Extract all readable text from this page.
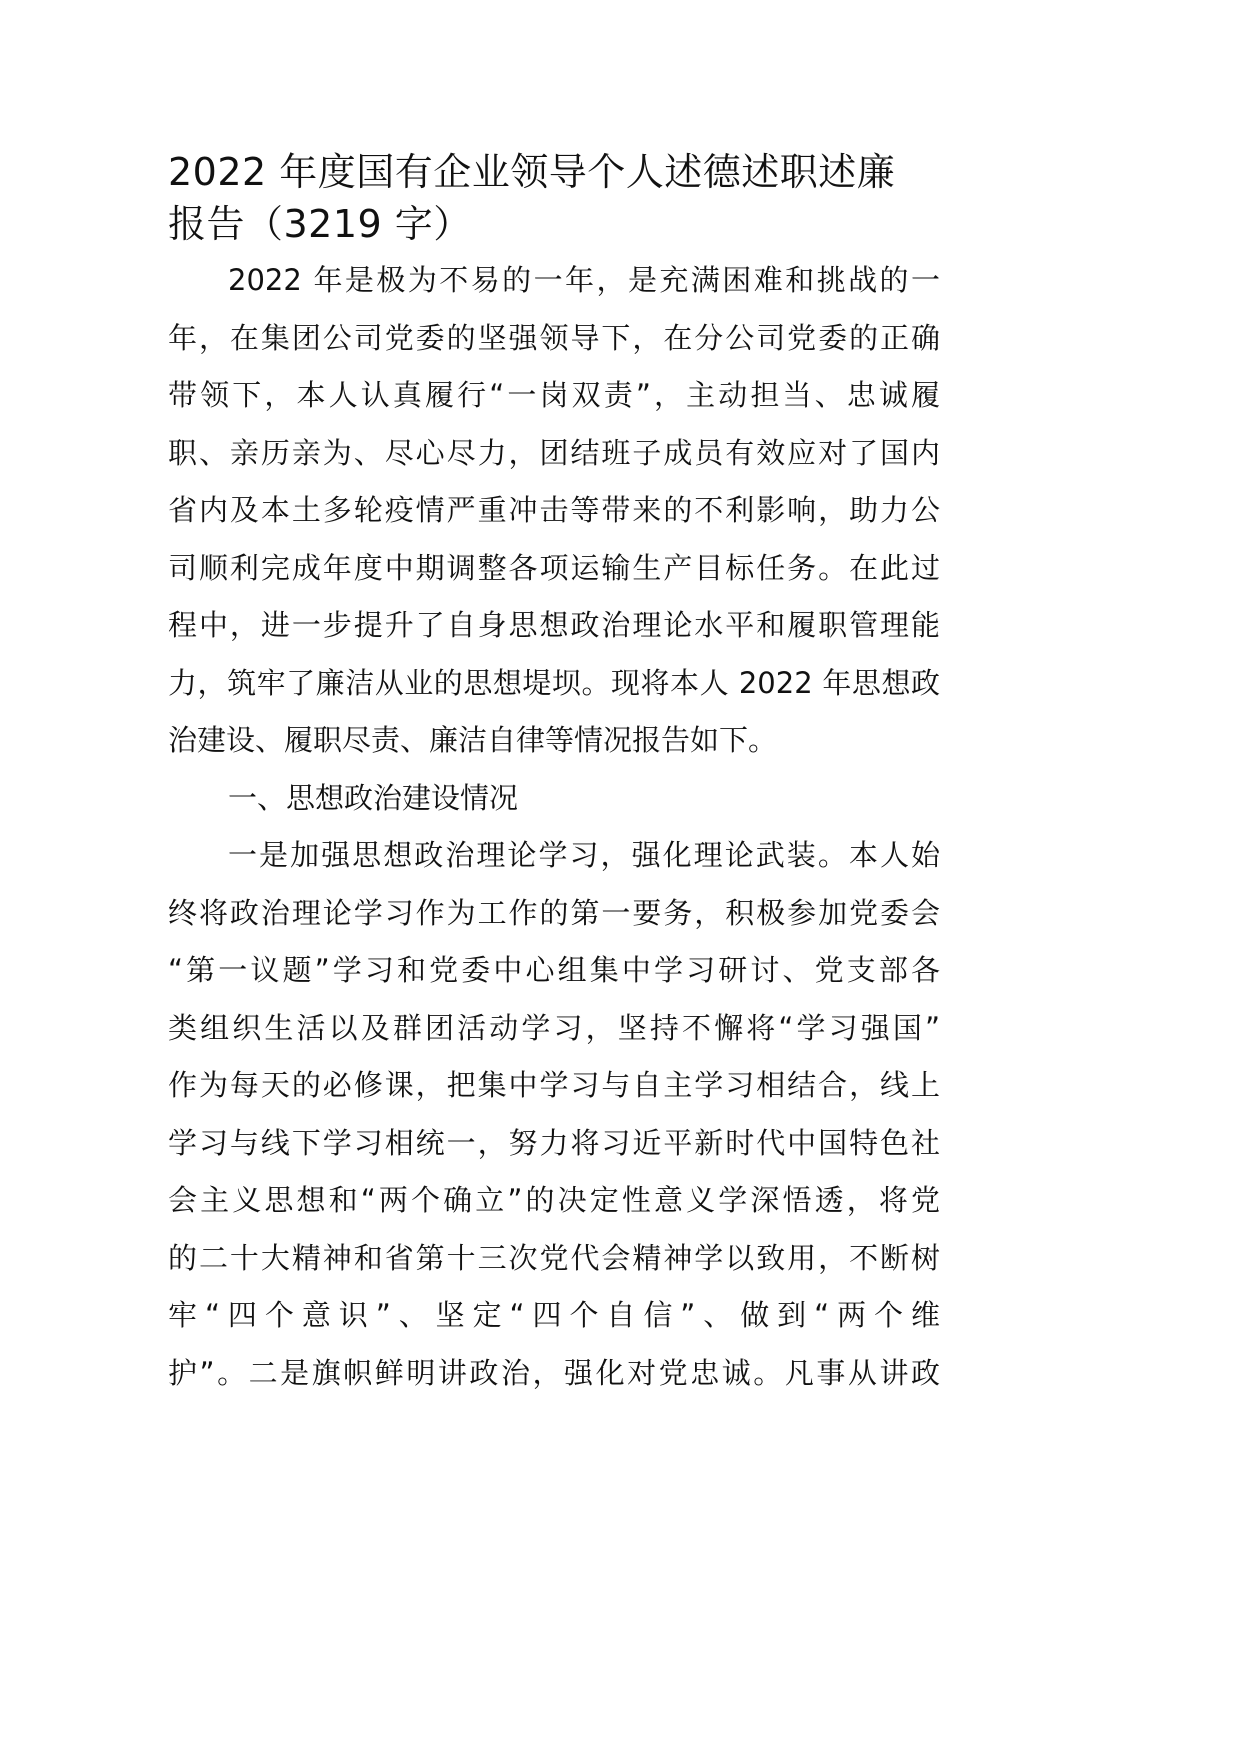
2022 年度国有企业领导个人述德述职述廉
报告（3219 字）
2022 年是极为不易的一年，是充满困难和挑战的一
年，在集团公司党委的坚强领导下，在分公司党委的正确
带领下，本人认真履行“一岗双责”，主动担当、忠诚履
职、亲历亲为、尽心尽力，团结班子成员有效应对了国内
省内及本土多轮疫情严重冲击等带来的不利影响，助力公
司顺利完成年度中期调整各项运输生产目标任务。在此过
程中，进一步提升了自身思想政治理论水平和履职管理能
力，筑牢了廉洁从业的思想堤坝。现将本人 2022 年思想政
治建设、履职尽责、廉洁自律等情况报告如下。
一、思想政治建设情况
一是加强思想政治理论学习，强化理论武装。本人始
终将政治理论学习作为工作的第一要务，积极参加党委会
“第一议题”学习和党委中心组集中学习研讨、党支部各
类组织生活以及群团活动学习，坚持不懈将“学习强国”
作为每天的必修课，把集中学习与自主学习相结合，线上
学习与线下学习相统一，努力将习近平新时代中国特色社
会主义思想和“两个确立”的决定性意义学深悟透，将党
的二十大精神和省第十三次党代会精神学以致用，不断树
牢“四个意识”、坚定“四个自信”、做到“两个维
护”。二是旗帜鲜明讲政治，强化对党忠诚。凡事从讲政
